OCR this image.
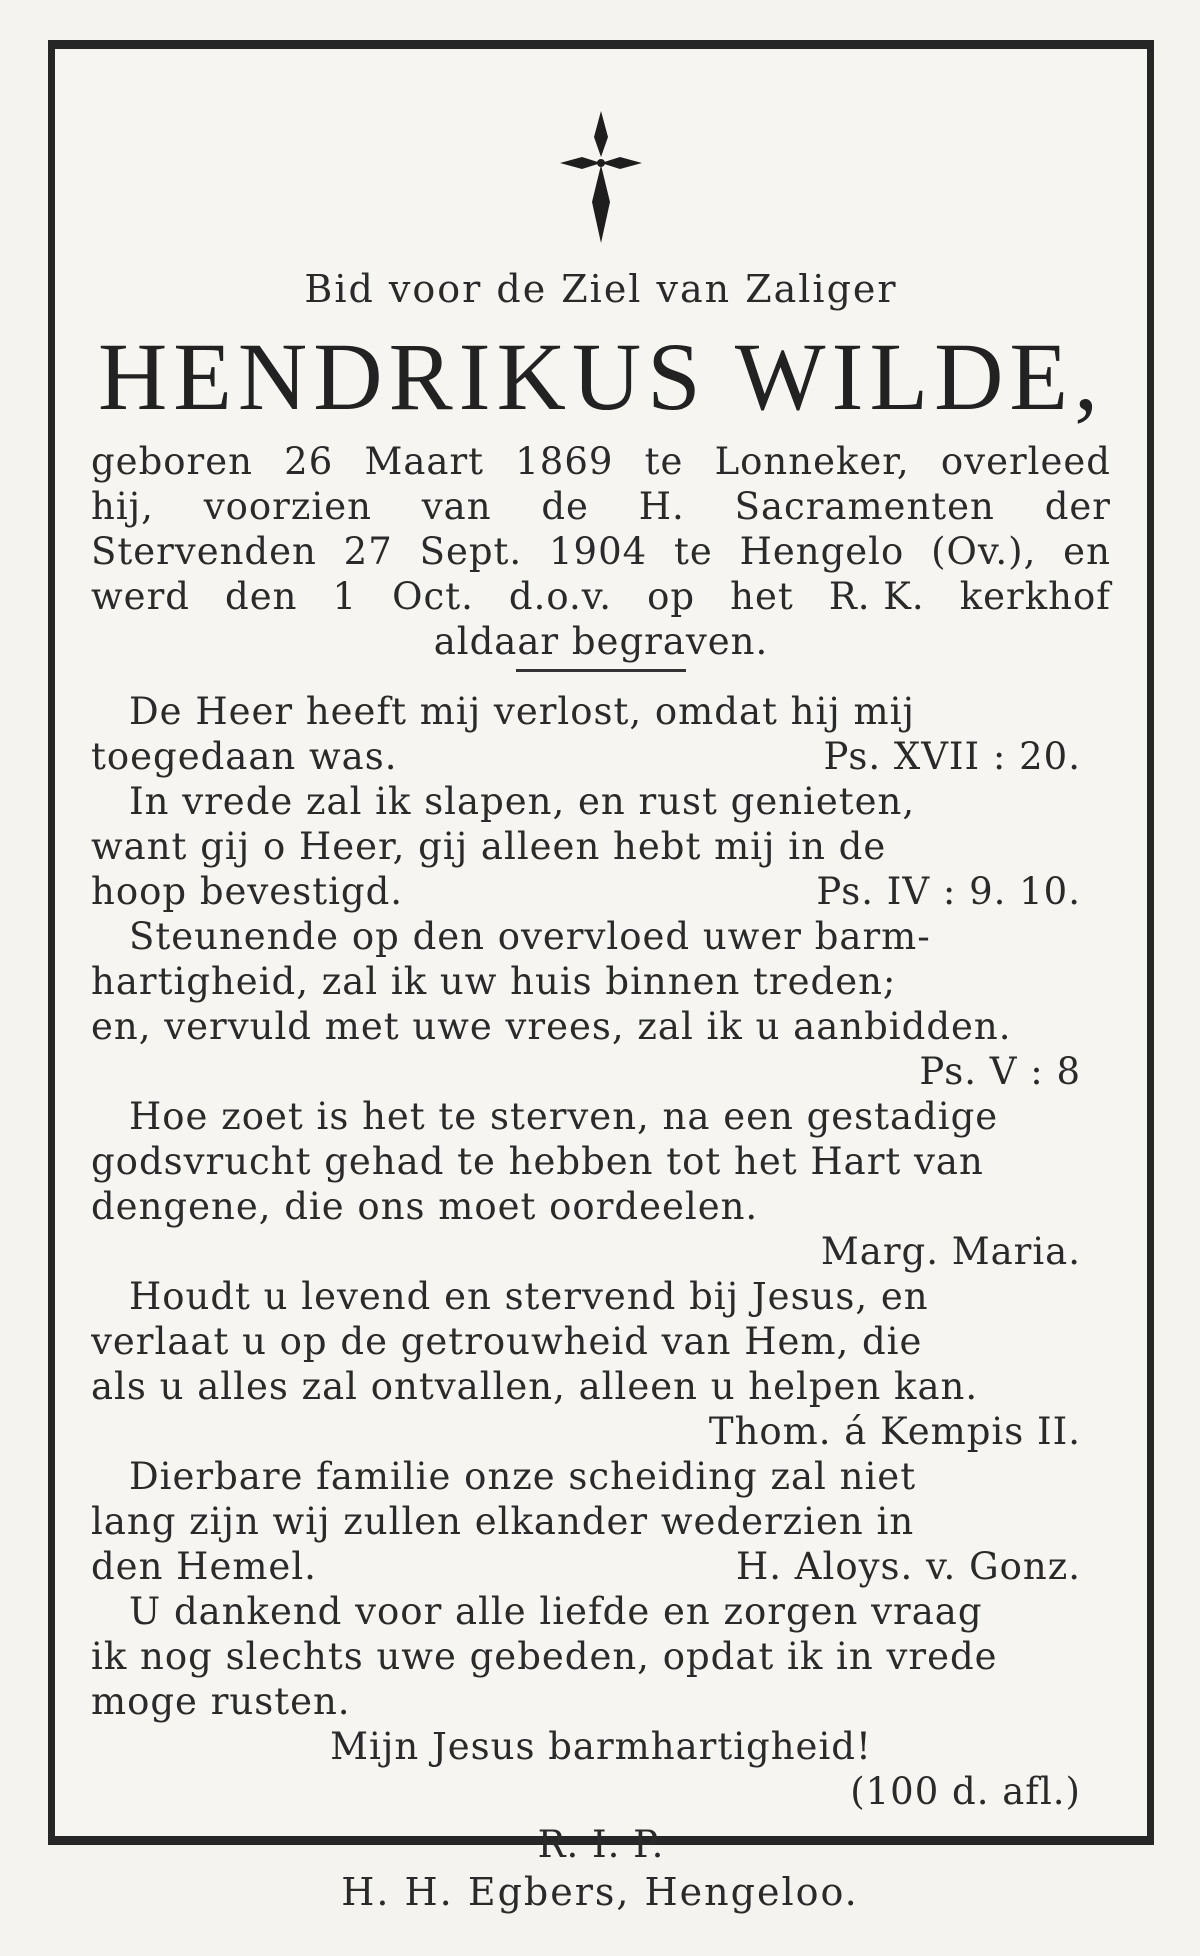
Bid voor de Ziel van Zaliger
HENDRIKUS WILDE,
geboren 26 Maart 1869 te Lonneker, overleed
hij, voorzien van de H. Sacramenten der
Stervenden 27 Sept. 1904 te Hengelo (Ov.), en
werd den 1 Oct. d.o.v. op het R. K. kerkhof
aldaar
begraven.
De Heer heeft mij verlost, omdat hij mij
toegedaan was.	Ps. XVII : 20.
In vrede zal ik slapen, en rust genieten,
want gij o Heer, gij alleen hebt mij in de
hoop bevestigd.	Ps. IV : 9. 10.
Steunende op den overvloed uwer barm-
hartigheid, zal ik uw huis binnen treden;
en, vervuld met uwe vrees, zal ik u aanbidden.
Ps. V : 8
Hoe zoet is het te sterven, na een gestadige
godsvrucht gehad te hebben tot het Hart van
dengene, die ons moet oordeelen.
Marg. Maria.
Houdt u levend en stervend bij Jesus, en
verlaat u op de getrouwheid van Hem, die
als u alles zal ontvallen, alleen u helpen kan.
Thom. á Kempis II.
Dierbare familie onze scheiding zal niet
lang zijn wij zullen elkander wederzien in
den Hemel.	H. Aloys. v. Gonz.
U dankend voor alle liefde en zorgen vraag
ik nog slechts uwe gebeden, opdat ik in vrede
moge rusten.
Mijn Jesus barmhartigheid!
(100 d. afl.)
R. I. P.
H. H. Egbers, Hengeloo.
